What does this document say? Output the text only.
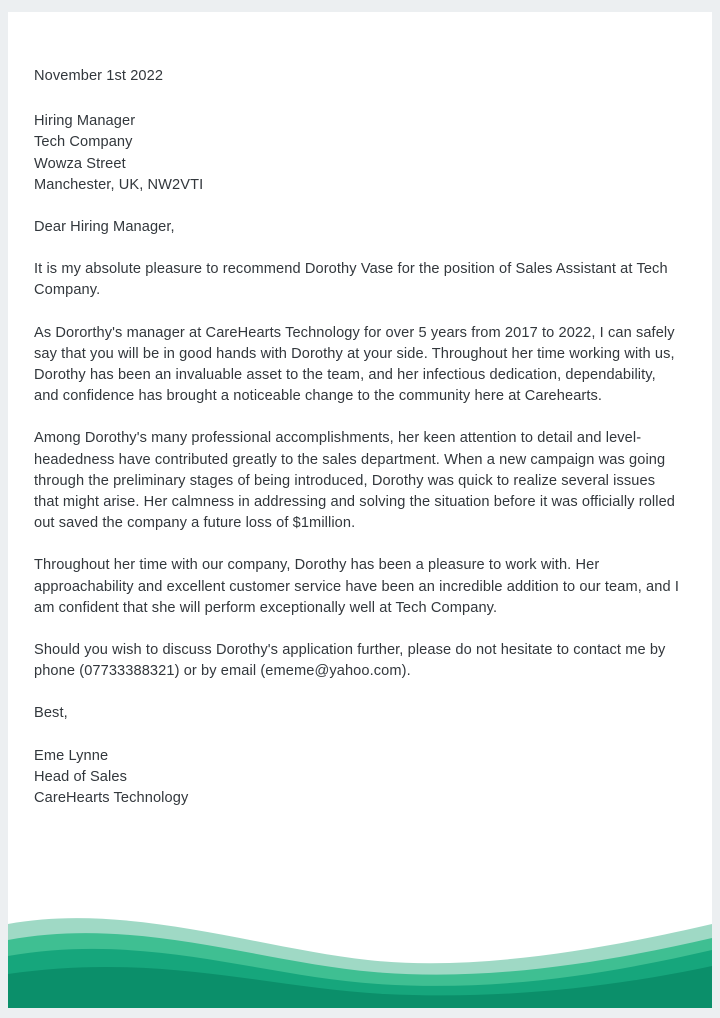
November 1st 2022
Hiring Manager
Tech Company
Wowza Street
Manchester, UK, NW2VTI
Dear Hiring Manager,

It is my absolute pleasure to recommend Dorothy Vase for the position of Sales Assistant at Tech Company.

As Dororthy's manager at CareHearts Technology for over 5 years from 2017 to 2022, I can safely say that you will be in good hands with Dorothy at your side. Throughout her time working with us, Dorothy has been an invaluable asset to the team, and her infectious dedication, dependability, and confidence has brought a noticeable change to the community here at Carehearts.

Among Dorothy's many professional accomplishments, her keen attention to detail and level-headedness have contributed greatly to the sales department. When a new campaign was going through the preliminary stages of being introduced, Dorothy was quick to realize several issues that might arise. Her calmness in addressing and solving the situation before it was officially rolled out saved the company a future loss of $1million.

Throughout her time with our company, Dorothy has been a pleasure to work with. Her approachability and excellent customer service have been an incredible addition to our team, and I am confident that she will perform exceptionally well at Tech Company.

Should you wish to discuss Dorothy's application further, please do not hesitate to contact me by phone (07733388321) or by email (ememe@yahoo.com).

Best,
Eme Lynne
Head of Sales
CareHearts Technology
